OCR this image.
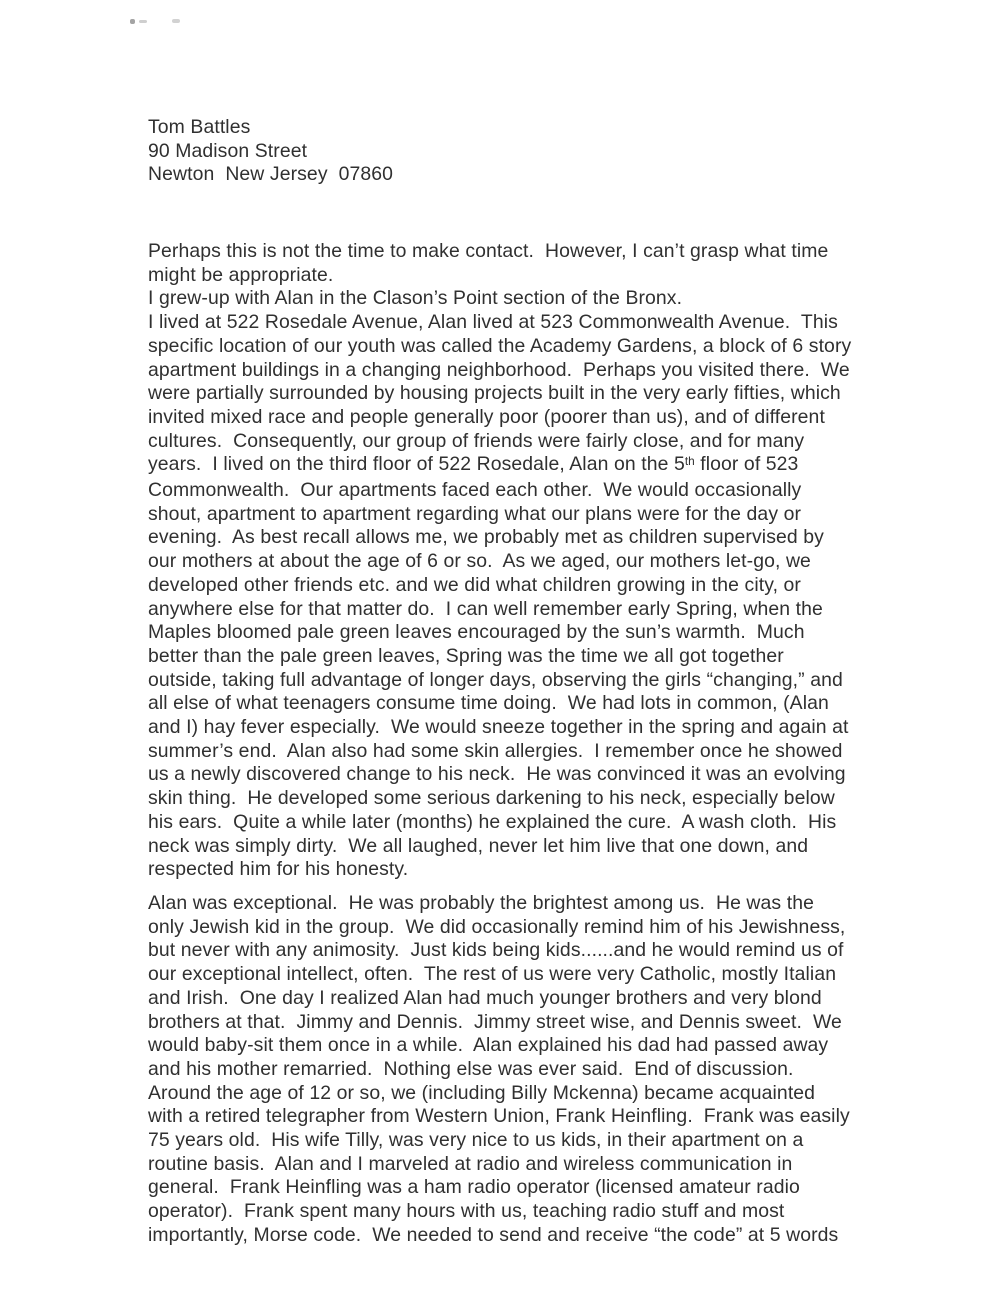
Tom Battles
90 Madison Street
Newton  New Jersey  07860
Perhaps this is not the time to make contact.  However, I can’t grasp what time
might be appropriate.
I grew-up with Alan in the Clason’s Point section of the Bronx.
I lived at 522 Rosedale Avenue, Alan lived at 523 Commonwealth Avenue.  This
specific location of our youth was called the Academy Gardens, a block of 6 story
apartment buildings in a changing neighborhood.  Perhaps you visited there.  We
were partially surrounded by housing projects built in the very early fifties, which
invited mixed race and people generally poor (poorer than us), and of different
cultures.  Consequently, our group of friends were fairly close, and for many
years.  I lived on the third floor of 522 Rosedale, Alan on the 5th floor of 523
Commonwealth.  Our apartments faced each other.  We would occasionally
shout, apartment to apartment regarding what our plans were for the day or
evening.  As best recall allows me, we probably met as children supervised by
our mothers at about the age of 6 or so.  As we aged, our mothers let-go, we
developed other friends etc. and we did what children growing in the city, or
anywhere else for that matter do.  I can well remember early Spring, when the
Maples bloomed pale green leaves encouraged by the sun’s warmth.  Much
better than the pale green leaves, Spring was the time we all got together
outside, taking full advantage of longer days, observing the girls “changing,” and
all else of what teenagers consume time doing.  We had lots in common, (Alan
and I) hay fever especially.  We would sneeze together in the spring and again at
summer’s end.  Alan also had some skin allergies.  I remember once he showed
us a newly discovered change to his neck.  He was convinced it was an evolving
skin thing.  He developed some serious darkening to his neck, especially below
his ears.  Quite a while later (months) he explained the cure.  A wash cloth.  His
neck was simply dirty.  We all laughed, never let him live that one down, and
respected him for his honesty.
Alan was exceptional.  He was probably the brightest among us.  He was the
only Jewish kid in the group.  We did occasionally remind him of his Jewishness,
but never with any animosity.  Just kids being kids......and he would remind us of
our exceptional intellect, often.  The rest of us were very Catholic, mostly Italian
and Irish.  One day I realized Alan had much younger brothers and very blond
brothers at that.  Jimmy and Dennis.  Jimmy street wise, and Dennis sweet.  We
would baby-sit them once in a while.  Alan explained his dad had passed away
and his mother remarried.  Nothing else was ever said.  End of discussion.
Around the age of 12 or so, we (including Billy Mckenna) became acquainted
with a retired telegrapher from Western Union, Frank Heinfling.  Frank was easily
75 years old.  His wife Tilly, was very nice to us kids, in their apartment on a
routine basis.  Alan and I marveled at radio and wireless communication in
general.  Frank Heinfling was a ham radio operator (licensed amateur radio
operator).  Frank spent many hours with us, teaching radio stuff and most
importantly, Morse code.  We needed to send and receive “the code” at 5 words
